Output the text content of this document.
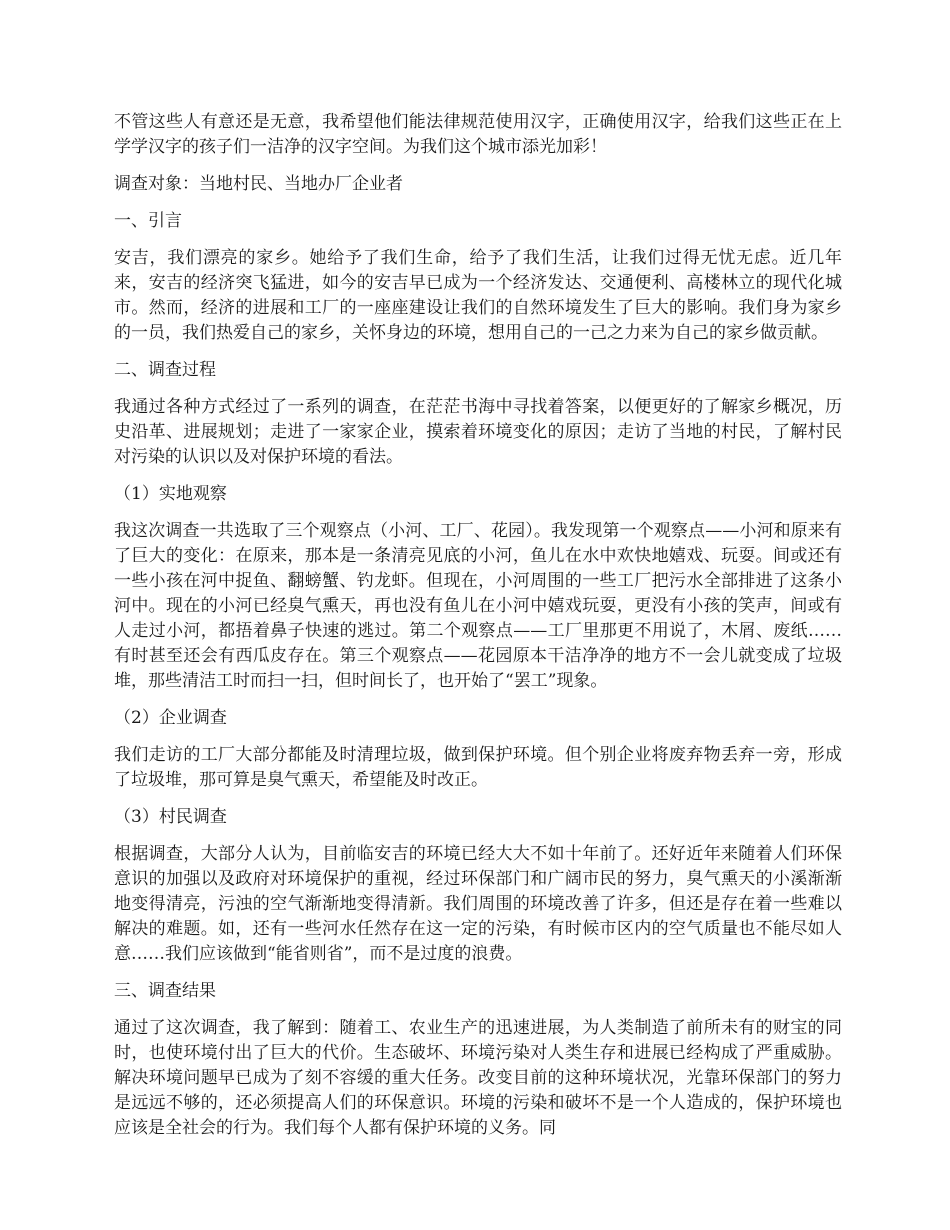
不管这些人有意还是无意，我希望他们能法律规范使用汉字，正确使用汉字，给我们这些正在上学学汉字的孩子们一洁净的汉字空间。为我们这个城市添光加彩！

调查对象：当地村民、当地办厂企业者

一、引言

安吉，我们漂亮的家乡。她给予了我们生命，给予了我们生活，让我们过得无忧无虑。近几年来，安吉的经济突飞猛进，如今的安吉早已成为一个经济发达、交通便利、高楼林立的现代化城市。然而，经济的进展和工厂的一座座建设让我们的自然环境发生了巨大的影响。我们身为家乡的一员，我们热爱自己的家乡，关怀身边的环境，想用自己的一己之力来为自己的家乡做贡献。

二、调查过程

我通过各种方式经过了一系列的调查，在茫茫书海中寻找着答案，以便更好的了解家乡概况，历史沿革、进展规划；走进了一家家企业，摸索着环境变化的原因；走访了当地的村民，了解村民对污染的认识以及对保护环境的看法。

（1）实地观察

我这次调查一共选取了三个观察点（小河、工厂、花园）。我发现第一个观察点——小河和原来有了巨大的变化：在原来，那本是一条清亮见底的小河，鱼儿在水中欢快地嬉戏、玩耍。间或还有一些小孩在河中捉鱼、翻螃蟹、钓龙虾。但现在，小河周围的一些工厂把污水全部排进了这条小河中。现在的小河已经臭气熏天，再也没有鱼儿在小河中嬉戏玩耍，更没有小孩的笑声，间或有人走过小河，都捂着鼻子快速的逃过。第二个观察点——工厂里那更不用说了，木屑、废纸……有时甚至还会有西瓜皮存在。第三个观察点——花园原本干洁净净的地方不一会儿就变成了垃圾堆，那些清洁工时而扫一扫，但时间长了，也开始了“罢工”现象。

（2）企业调查

我们走访的工厂大部分都能及时清理垃圾，做到保护环境。但个别企业将废弃物丢弃一旁，形成了垃圾堆，那可算是臭气熏天，希望能及时改正。

（3）村民调查

根据调查，大部分人认为，目前临安吉的环境已经大大不如十年前了。还好近年来随着人们环保意识的加强以及政府对环境保护的重视，经过环保部门和广阔市民的努力，臭气熏天的小溪渐渐地变得清亮，污浊的空气渐渐地变得清新。我们周围的环境改善了许多，但还是存在着一些难以解决的难题。如，还有一些河水任然存在这一定的污染，有时候市区内的空气质量也不能尽如人意……我们应该做到“能省则省”，而不是过度的浪费。

三、调查结果

通过了这次调查，我了解到：随着工、农业生产的迅速进展，为人类制造了前所未有的财宝的同时，也使环境付出了巨大的代价。生态破坏、环境污染对人类生存和进展已经构成了严重威胁。解决环境问题早已成为了刻不容缓的重大任务。改变目前的这种环境状况，光靠环保部门的努力是远远不够的，还必须提高人们的环保意识。环境的污染和破坏不是一个人造成的，保护环境也应该是全社会的行为。我们每个人都有保护环境的义务。同
